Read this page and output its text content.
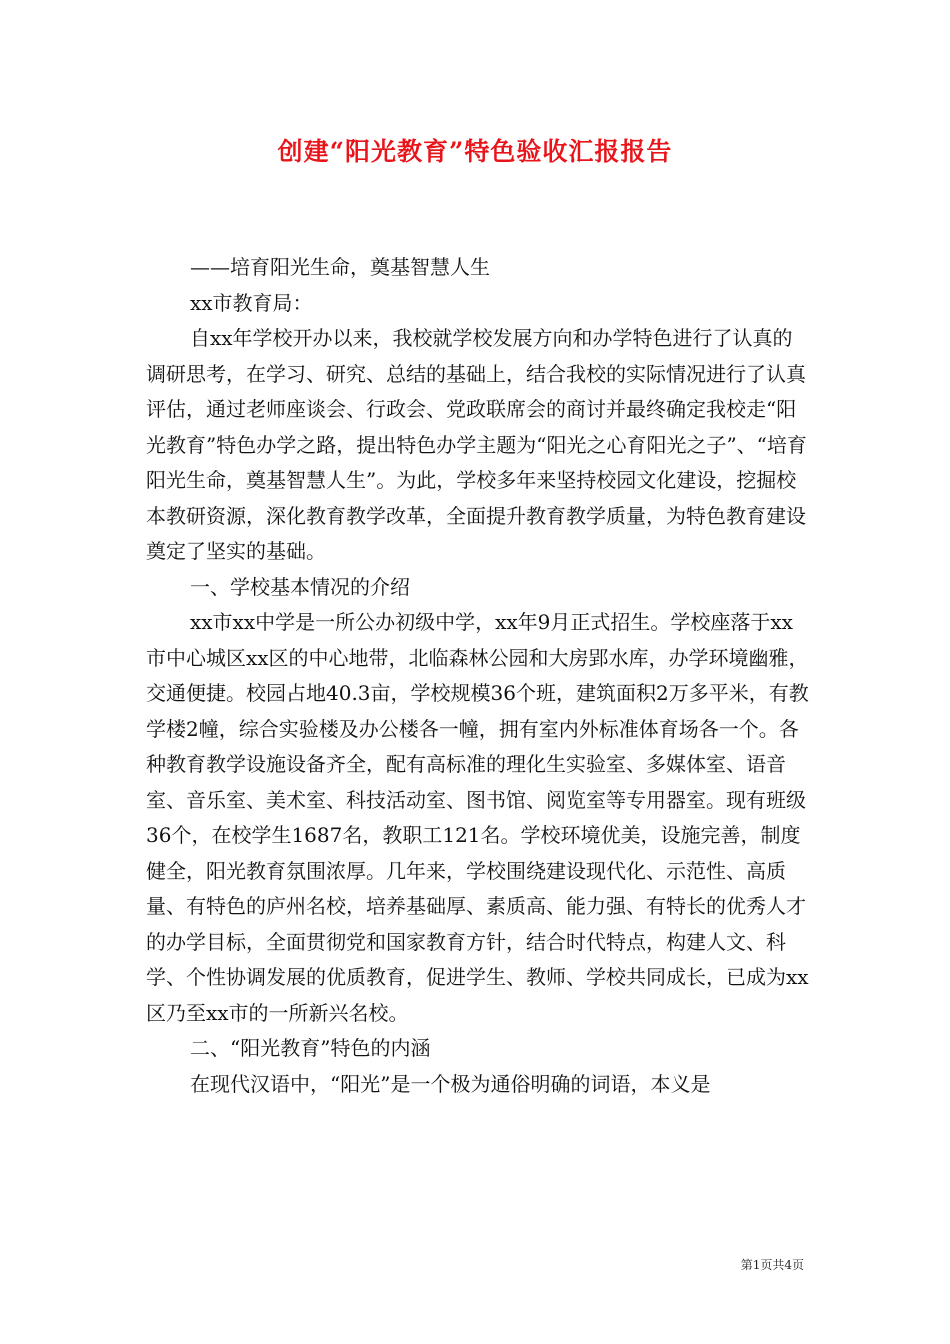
创建“阳光教育”特色验收汇报报告

——培育阳光生命，奠基智慧人生

xx市教育局：

自xx年学校开办以来，我校就学校发展方向和办学特色进行了认真的调研思考，在学习、研究、总结的基础上，结合我校的实际情况进行了认真评估，通过老师座谈会、行政会、党政联席会的商讨并最终确定我校走“阳光教育”特色办学之路，提出特色办学主题为“阳光之心育阳光之子”、“培育阳光生命，奠基智慧人生”。为此，学校多年来坚持校园文化建设，挖掘校本教研资源，深化教育教学改革，全面提升教育教学质量，为特色教育建设奠定了坚实的基础。

一、学校基本情况的介绍

xx市xx中学是一所公办初级中学，xx年9月正式招生。学校座落于xx市中心城区xx区的中心地带，北临森林公园和大房郢水库，办学环境幽雅，交通便捷。校园占地40.3亩，学校规模36个班，建筑面积2万多平米，有教学楼2幢，综合实验楼及办公楼各一幢，拥有室内外标准体育场各一个。各种教育教学设施设备齐全，配有高标准的理化生实验室、多媒体室、语音室、音乐室、美术室、科技活动室、图书馆、阅览室等专用器室。现有班级36个，在校学生1687名，教职工121名。学校环境优美，设施完善，制度健全，阳光教育氛围浓厚。几年来，学校围绕建设现代化、示范性、高质量、有特色的庐州名校，培养基础厚、素质高、能力强、有特长的优秀人才的办学目标，全面贯彻党和国家教育方针，结合时代特点，构建人文、科学、个性协调发展的优质教育，促进学生、教师、学校共同成长，已成为xx区乃至xx市的一所新兴名校。

二、“阳光教育”特色的内涵

在现代汉语中，“阳光”是一个极为通俗明确的词语，本义是

第1页共4页
